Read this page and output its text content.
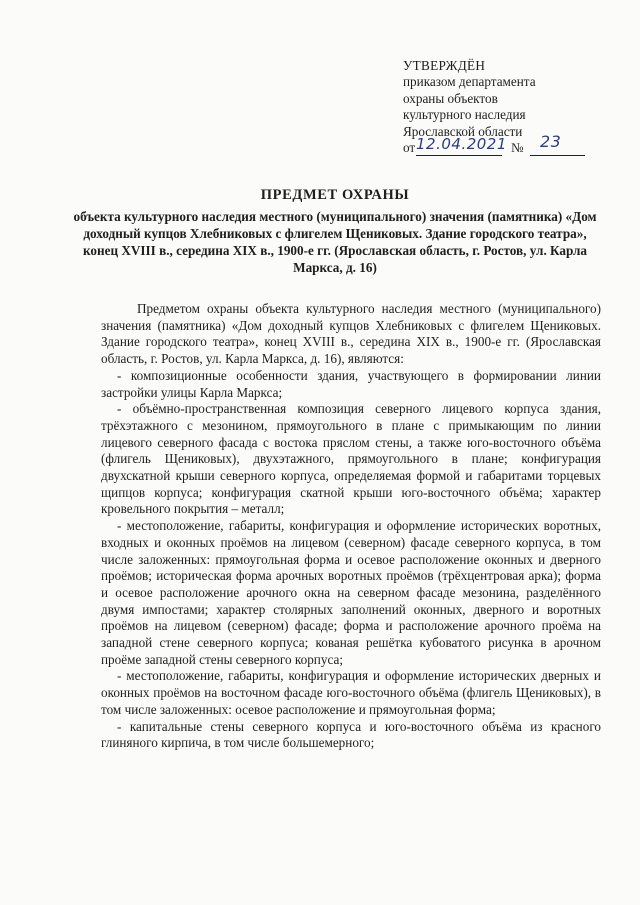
УТВЕРЖДЁН
приказом департамента
охраны объектов
культурного наследия
Ярославской области
от 12.04.2021 № 23
ПРЕДМЕТ ОХРАНЫ
объекта культурного наследия местного (муниципального) значения (памятника) «Дом доходный купцов Хлебниковых с флигелем Щениковых. Здание городского театра», конец XVIII в., середина XIX в., 1900-е гг. (Ярославская область, г. Ростов, ул. Карла Маркса, д. 16)

Предметом охраны объекта культурного наследия местного (муниципального) значения (памятника) «Дом доходный купцов Хлебниковых с флигелем Щениковых. Здание городского театра», конец XVIII в., середина XIX в., 1900-е гг. (Ярославская область, г. Ростов, ул. Карла Маркса, д. 16), являются:

- композиционные особенности здания, участвующего в формировании линии застройки улицы Карла Маркса;

- объёмно-пространственная композиция северного лицевого корпуса здания, трёхэтажного с мезонином, прямоугольного в плане с примыкающим по линии лицевого северного фасада с востока пряслом стены, а также юго-восточного объёма (флигель Щениковых), двухэтажного, прямоугольного в плане; конфигурация двухскатной крыши северного корпуса, определяемая формой и габаритами торцевых щипцов корпуса; конфигурация скатной крыши юго-восточного объёма; характер кровельного покрытия – металл;

- местоположение, габариты, конфигурация и оформление исторических воротных, входных и оконных проёмов на лицевом (северном) фасаде северного корпуса, в том числе заложенных: прямоугольная форма и осевое расположение оконных и дверного проёмов; историческая форма арочных воротных проёмов (трёхцентровая арка); форма и осевое расположение арочного окна на северном фасаде мезонина, разделённого двумя импостами; характер столярных заполнений оконных, дверного и воротных проёмов на лицевом (северном) фасаде; форма и расположение арочного проёма на западной стене северного корпуса; кованая решётка кубоватого рисунка в арочном проёме западной стены северного корпуса;

- местоположение, габариты, конфигурация и оформление исторических дверных и оконных проёмов на восточном фасаде юго-восточного объёма (флигель Щениковых), в том числе заложенных: осевое расположение и прямоугольная форма;

- капитальные стены северного корпуса и юго-восточного объёма из красного глиняного кирпича, в том числе большемерного;
